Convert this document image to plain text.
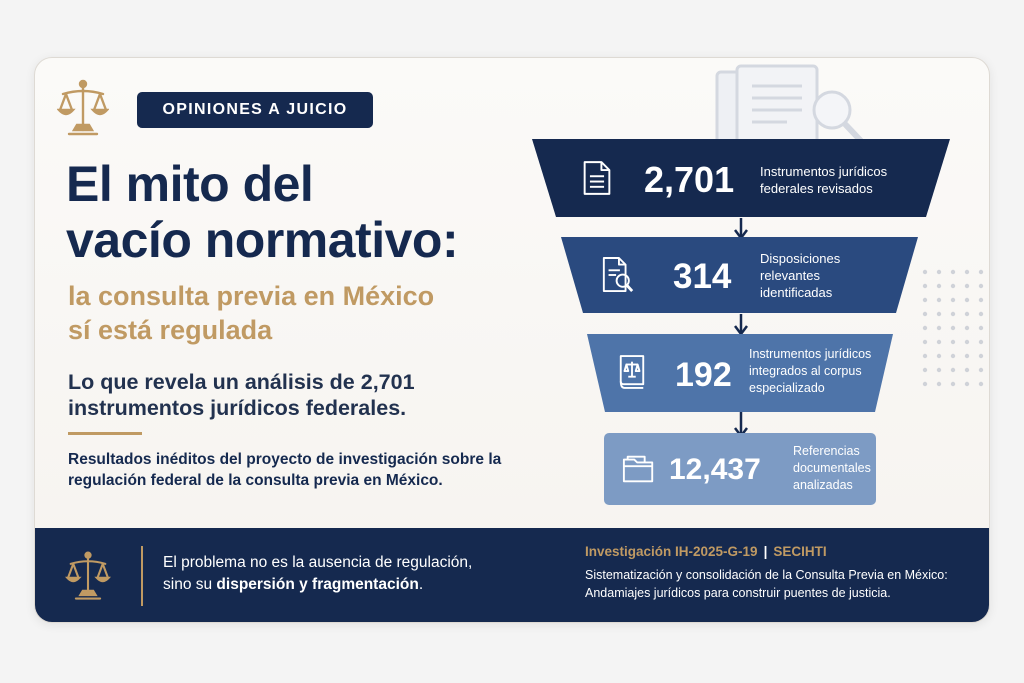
OPINIONES A JUICIO
El mito del
vacío normativo:
la consulta previa en México
sí está regulada
Lo que revela un análisis de 2,701
instrumentos jurídicos federales.
Resultados inéditos del proyecto de investigación sobre la regulación federal de la consulta previa en México.
2,701 Instrumentos jurídicos
federales revisados
314 Disposiciones
relevantes
identificadas
192
Instrumentos jurídicos
integrados al corpus
especializado
12,437
Referencias
documentales
analizadas
El problema no es la ausencia de regulación,
sino su dispersión y fragmentación.
Investigación IH-2025-G-19 | SECIHTI
Sistematización y consolidación de la Consulta Previa en México:
Andamiajes jurídicos para construir puentes de justicia.
